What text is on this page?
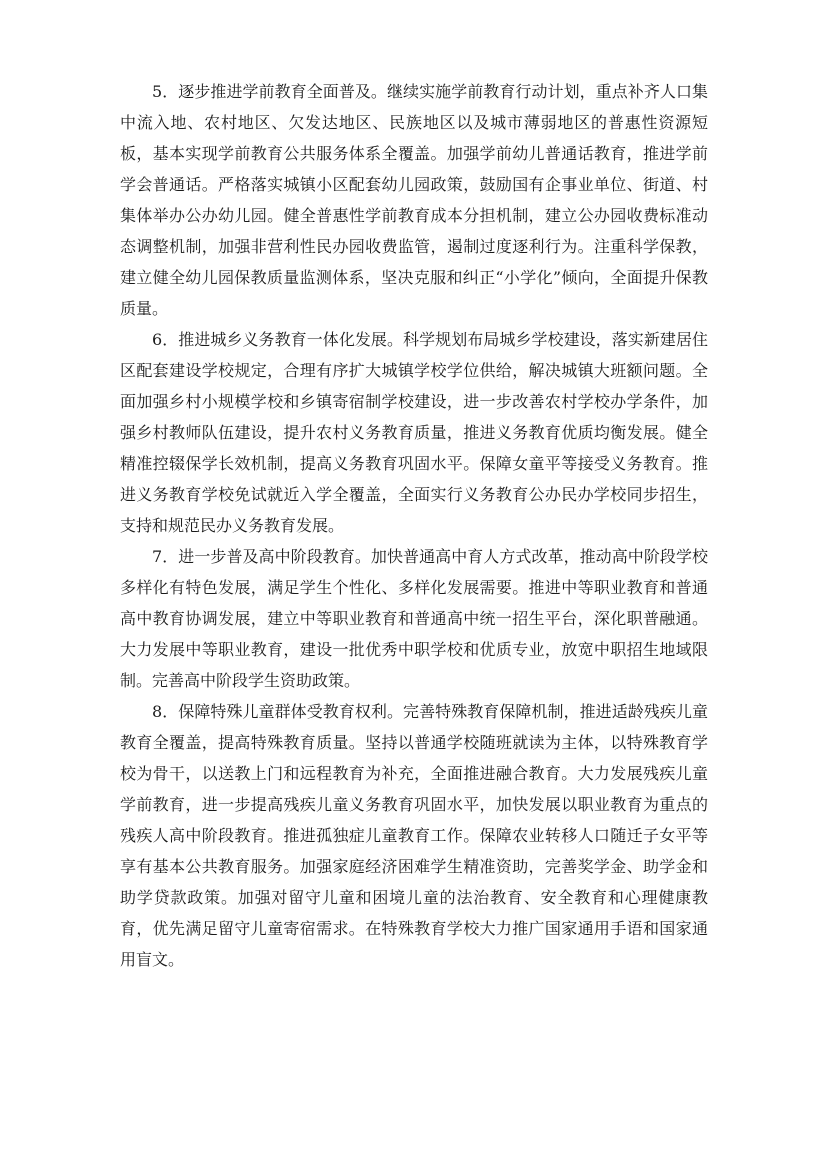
5．逐步推进学前教育全面普及。继续实施学前教育行动计划，重点补齐人口集中流入地、农村地区、欠发达地区、民族地区以及城市薄弱地区的普惠性资源短板，基本实现学前教育公共服务体系全覆盖。加强学前幼儿普通话教育，推进学前学会普通话。严格落实城镇小区配套幼儿园政策，鼓励国有企事业单位、街道、村集体举办公办幼儿园。健全普惠性学前教育成本分担机制，建立公办园收费标准动态调整机制，加强非营利性民办园收费监管，遏制过度逐利行为。注重科学保教，建立健全幼儿园保教质量监测体系，坚决克服和纠正“小学化”倾向，全面提升保教质量。

6．推进城乡义务教育一体化发展。科学规划布局城乡学校建设，落实新建居住区配套建设学校规定，合理有序扩大城镇学校学位供给，解决城镇大班额问题。全面加强乡村小规模学校和乡镇寄宿制学校建设，进一步改善农村学校办学条件，加强乡村教师队伍建设，提升农村义务教育质量，推进义务教育优质均衡发展。健全精准控辍保学长效机制，提高义务教育巩固水平。保障女童平等接受义务教育。推进义务教育学校免试就近入学全覆盖，全面实行义务教育公办民办学校同步招生，支持和规范民办义务教育发展。

7．进一步普及高中阶段教育。加快普通高中育人方式改革，推动高中阶段学校多样化有特色发展，满足学生个性化、多样化发展需要。推进中等职业教育和普通高中教育协调发展，建立中等职业教育和普通高中统一招生平台，深化职普融通。大力发展中等职业教育，建设一批优秀中职学校和优质专业，放宽中职招生地域限制。完善高中阶段学生资助政策。

8．保障特殊儿童群体受教育权利。完善特殊教育保障机制，推进适龄残疾儿童教育全覆盖，提高特殊教育质量。坚持以普通学校随班就读为主体，以特殊教育学校为骨干，以送教上门和远程教育为补充，全面推进融合教育。大力发展残疾儿童学前教育，进一步提高残疾儿童义务教育巩固水平，加快发展以职业教育为重点的残疾人高中阶段教育。推进孤独症儿童教育工作。保障农业转移人口随迁子女平等享有基本公共教育服务。加强家庭经济困难学生精准资助，完善奖学金、助学金和助学贷款政策。加强对留守儿童和困境儿童的法治教育、安全教育和心理健康教育，优先满足留守儿童寄宿需求。在特殊教育学校大力推广国家通用手语和国家通用盲文。
